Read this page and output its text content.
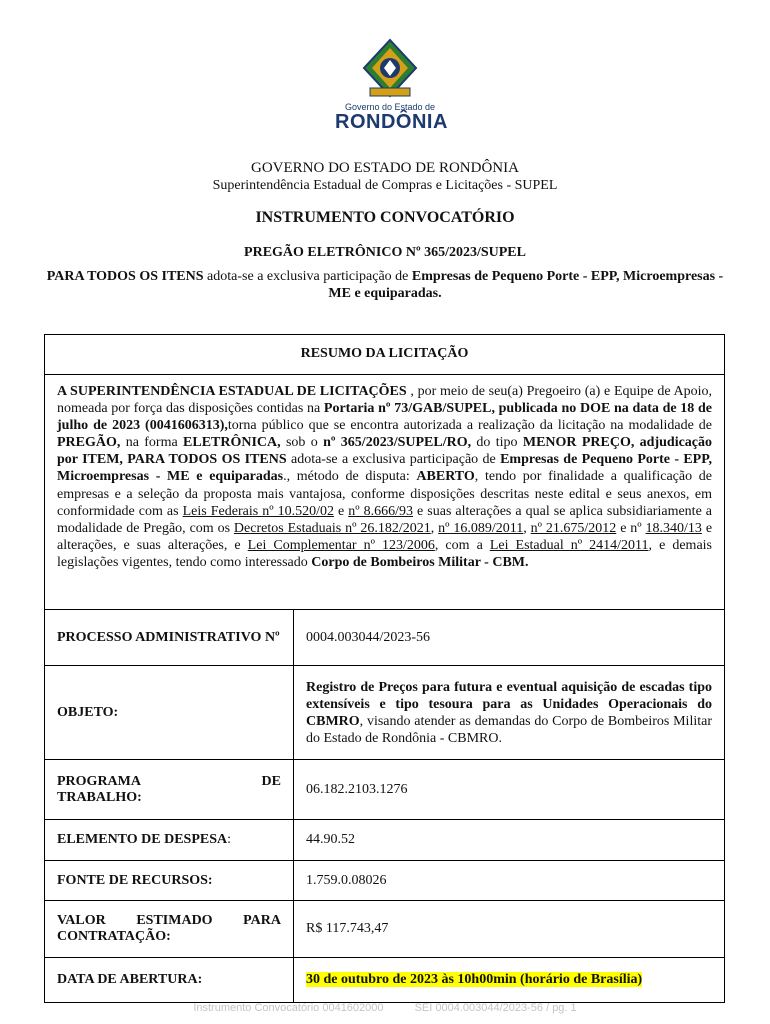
Governo do Estado de
RONDÔNIA
GOVERNO DO ESTADO DE RONDÔNIA
Superintendência Estadual de Compras e Licitações - SUPEL
INSTRUMENTO CONVOCATÓRIO
PREGÃO ELETRÔNICO Nº 365/2023/SUPEL
PARA TODOS OS ITENS adota-se a exclusiva participação de Empresas de Pequeno Porte - EPP, Microempresas - ME e equiparadas.
RESUMO DA LICITAÇÃO
A SUPERINTENDÊNCIA ESTADUAL DE LICITAÇÕES , por meio de seu(a) Pregoeiro (a) e Equipe de Apoio, nomeada por força das disposições contidas na Portaria nº 73/GAB/SUPEL, publicada no DOE na data de 18 de julho de 2023 (0041606313),torna público que se encontra autorizada a realização da licitação na modalidade de PREGÃO, na forma ELETRÔNICA, sob o nº 365/2023/SUPEL/RO, do tipo MENOR PREÇO, adjudicação por ITEM, PARA TODOS OS ITENS adota-se a exclusiva participação de Empresas de Pequeno Porte - EPP, Microempresas - ME e equiparadas., método de disputa: ABERTO, tendo por finalidade a qualificação de empresas e a seleção da proposta mais vantajosa, conforme disposições descritas neste edital e seus anexos, em conformidade com as Leis Federais nº 10.520/02 e nº 8.666/93 e suas alterações a qual se aplica subsidiariamente a modalidade de Pregão, com os Decretos Estaduais nº 26.182/2021, nº 16.089/2011, nº 21.675/2012 e nº 18.340/13 e alterações, e suas alterações, e Lei Complementar nº 123/2006, com a Lei Estadual nº 2414/2011, e demais legislações vigentes, tendo como interessado Corpo de Bombeiros Militar - CBM.
PROCESSO ADMINISTRATIVO Nº	0004.003044/2023-56
OBJETO:	Registro de Preços para futura e eventual aquisição de escadas tipo extensíveis e tipo tesoura para as Unidades Operacionais do CBMRO, visando atender as demandas do Corpo de Bombeiros Militar do Estado de Rondônia - CBMRO.

PROGRAMA DE
TRABALHO:	06.182.2103.1276
ELEMENTO DE DESPESA:	44.90.52
FONTE DE RECURSOS:	1.759.0.08026
VALOR ESTIMADO PARA CONTRATAÇÃO:	R$ 117.743,47
DATA DE ABERTURA:	30 de outubro de 2023 às 10h00min (horário de Brasília)
Instrumento Convocatório 0041602000	SEI 0004.003044/2023-56 / pg. 1
